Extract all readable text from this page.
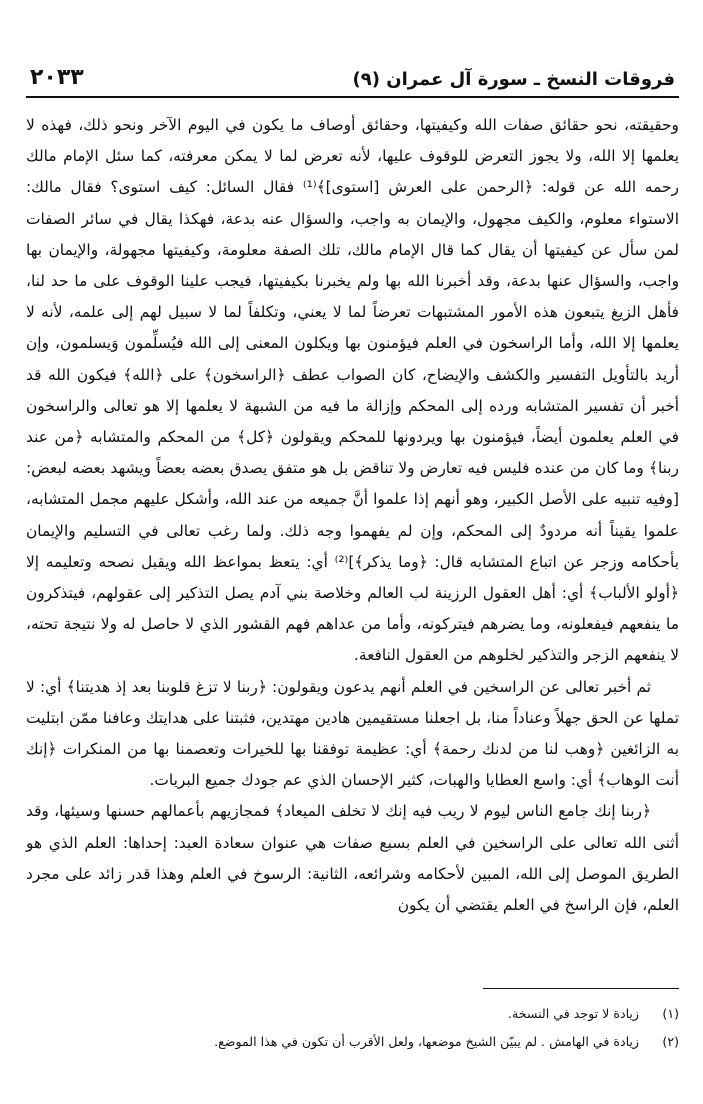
فروقات النسخ ـ سورة آل عمران (٩)
٢٠٣٣

وحقيقته، نحو حقائق صفات الله وكيفيتها، وحقائق أوصاف ما يكون في اليوم الآخر ونحو ذلك، فهذه لا يعلمها إلا الله، ولا يجوز التعرض للوقوف عليها، لأنه تعرض لما لا يمكن معرفته، كما سئل الإمام مالك رحمه الله عن قوله: ﴿الرحمن على العرش [استوى]﴾⁽¹⁾ فقال السائل: كيف استوى؟ فقال مالك: الاستواء معلوم، والكيف مجهول، والإيمان به واجب، والسؤال عنه بدعة، فهكذا يقال في سائر الصفات لمن سأل عن كيفيتها أن يقال كما قال الإمام مالك، تلك الصفة معلومة، وكيفيتها مجهولة، والإيمان بها واجب، والسؤال عنها بدعة، وقد أخبرنا الله بها ولم يخبرنا بكيفيتها، فيجب علينا الوقوف على ما حد لنا، فأهل الزيغ يتبعون هذه الأمور المشتبهات تعرضاً لما لا يعني، وتكلفاً لما لا سبيل لهم إلى علمه، لأنه لا يعلمها إلا الله، وأما الراسخون في العلم فيؤمنون بها ويكلون المعنى إلى الله فيُسلِّمون وَيسلمون، وإن أريد بالتأويل التفسير والكشف والإيضاح، كان الصواب عطف ﴿الراسخون﴾ على ﴿الله﴾ فيكون الله قد أخبر أن تفسير المتشابه ورده إلى المحكم وإزالة ما فيه من الشبهة لا يعلمها إلا هو تعالى والراسخون في العلم يعلمون أيضاً، فيؤمنون بها ويردونها للمحكم ويقولون ﴿كل﴾ من المحكم والمتشابه ﴿من عند ربنا﴾ وما كان من عنده فليس فيه تعارض ولا تناقض بل هو متفق يصدق بعضه بعضاً ويشهد بعضه لبعض: [وفيه تنبيه على الأصل الكبير، وهو أنهم إذا علموا أنَّ جميعه من عند الله، وأشكل عليهم مجمل المتشابه، علموا يقيناً أنه مردودٌ إلى المحكم، وإن لم يفهموا وجه ذلك. ولما رغب تعالى في التسليم والإيمان بأحكامه وزجر عن اتباع المتشابه قال: ﴿وما يذكر﴾]⁽²⁾ أي: يتعظ بمواعظ الله ويقبل نصحه وتعليمه إلا ﴿أولو الألباب﴾ أي: أهل العقول الرزينة لب العالم وخلاصة بني آدم يصل التذكير إلى عقولهم، فيتذكرون ما ينفعهم فيفعلونه، وما يضرهم فيتركونه، وأما من عداهم فهم القشور الذي لا حاصل له ولا نتيجة تحته، لا ينفعهم الزجر والتذكير لخلوهم من العقول النافعة.

ثم أخبر تعالى عن الراسخين في العلم أنهم يدعون ويقولون: ﴿ربنا لا تزغ قلوبنا بعد إذ هديتنا﴾ أي: لا تملها عن الحق جهلاً وعناداً منا، بل اجعلنا مستقيمين هادين مهتدين، فثبتنا على هدايتك وعافنا ممّن ابتليت به الزائغين ﴿وهب لنا من لدنك رحمة﴾ أي: عظيمة توفقنا بها للخيرات وتعصمنا بها من المنكرات ﴿إنك أنت الوهاب﴾ أي: واسع العطايا والهبات، كثير الإحسان الذي عم جودك جميع البريات.

﴿ربنا إنك جامع الناس ليوم لا ريب فيه إنك لا تخلف الميعاد﴾ فمجازيهم بأعمالهم حسنها وسيئها، وقد أثنى الله تعالى على الراسخين في العلم بسبع صفات هي عنوان سعادة العبد: إحداها: العلم الذي هو الطريق الموصل إلى الله، المبين لأحكامه وشرائعه، الثانية: الرسوخ في العلم وهذا قدر زائد على مجرد العلم، فإن الراسخ في العلم يقتضي أن يكون

(١)
زيادة لا توجد في النسخة.
(٢)
زيادة في الهامش . لم يبيّن الشيخ موضعها، ولعل الأقرب أن تكون في هذا الموضع.
